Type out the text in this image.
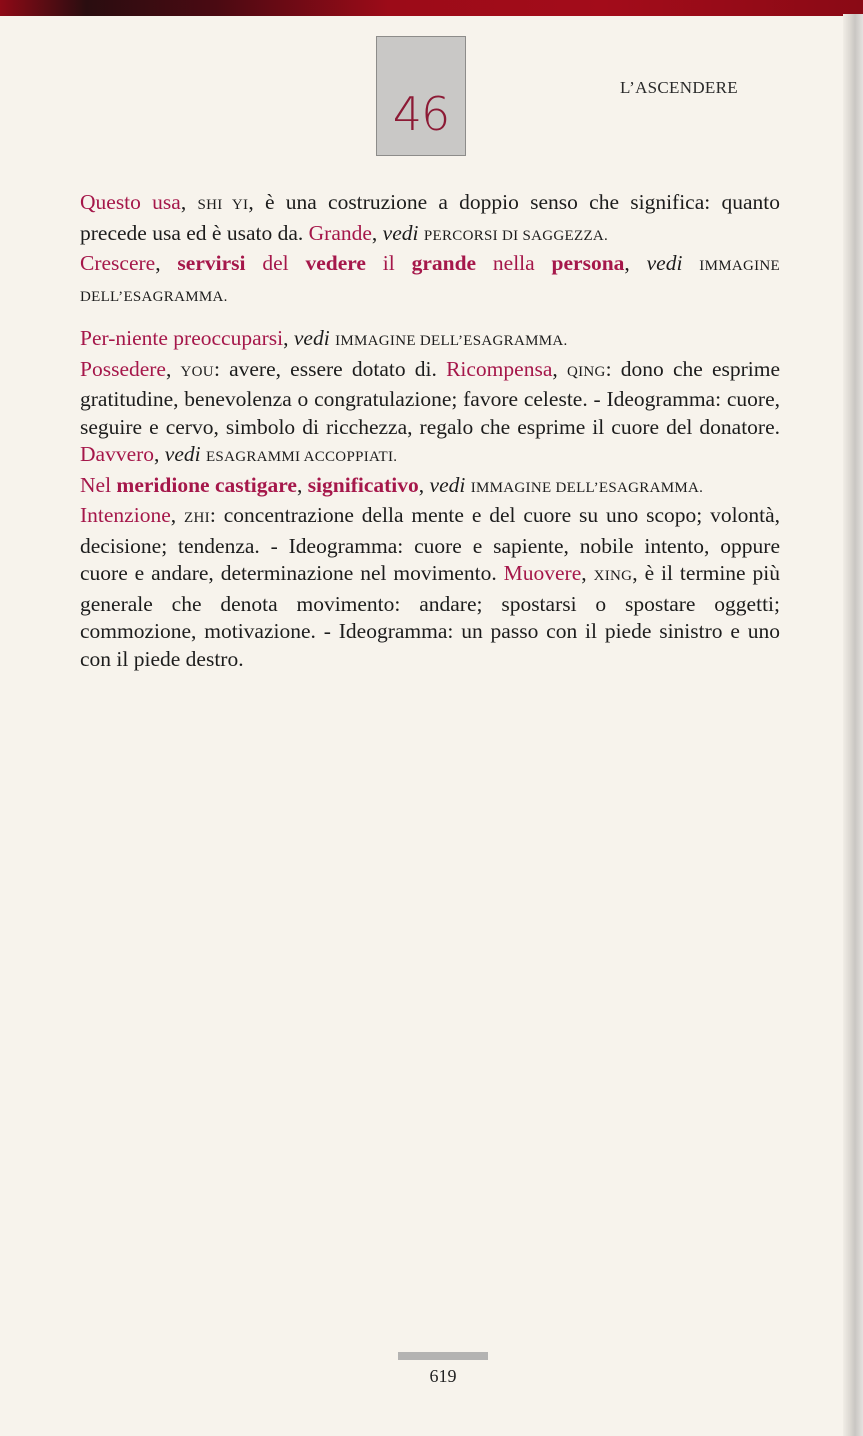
46	L’ASCENDERE

Questo usa, SHI YI, è una costruzione a doppio senso che significa: quanto precede usa ed è usato da. Grande, vedi PERCORSI DI SAGGEZZA.

Crescere, servirsi del vedere il grande nella persona, vedi IMMAGINE DELL’ESAGRAMMA.

Per-niente preoccuparsi, vedi IMMAGINE DELL’ESAGRAMMA.

Possedere, YOU: avere, essere dotato di. Ricompensa, QING: dono che esprime gratitudine, benevolenza o congratulazione; favore celeste. - Ideogramma: cuore, seguire e cervo, simbolo di ricchezza, regalo che esprime il cuore del donatore. Davvero, vedi ESAGRAMMI ACCOPPIATI.

Nel meridione castigare, significativo, vedi IMMAGINE DELL’ESAGRAMMA.

Intenzione, ZHI: concentrazione della mente e del cuore su uno scopo; volontà, decisione; tendenza. - Ideogramma: cuore e sapiente, nobile intento, oppure cuore e andare, determinazione nel movimento. Muovere, XING, è il termine più generale che denota movimento: andare; spostarsi o spostare oggetti; commozione, motivazione. - Ideogramma: un passo con il piede sinistro e uno con il piede destro.

619
